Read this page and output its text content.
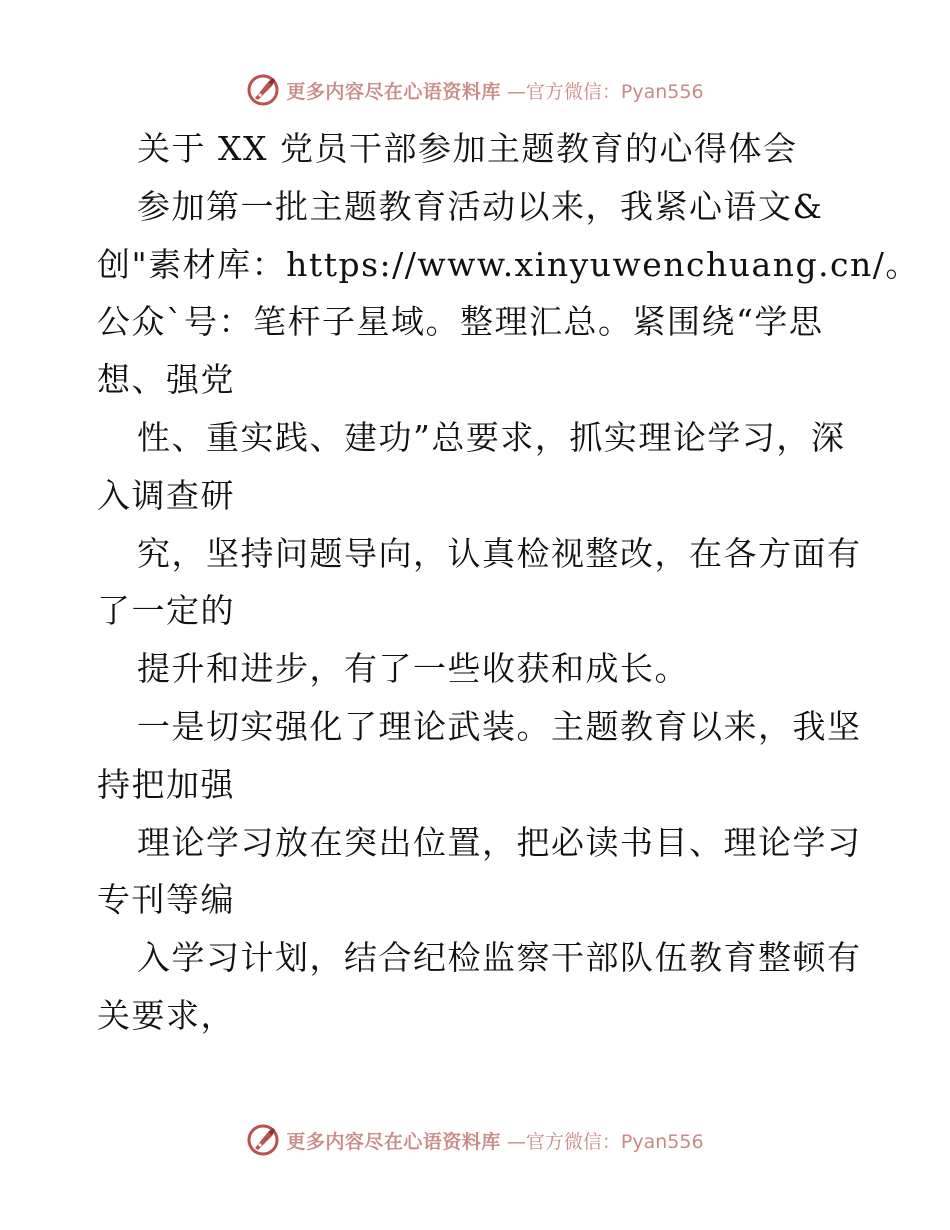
更多内容尽在心语资料库 —官方微信：Pyan556
关于 XX 党员干部参加主题教育的心得体会
参加第一批主题教育活动以来，我紧心语文&
创"素材库：https://www.xinyuwenchuang.cn/。
公众`号：笔杆子星域。整理汇总。紧围绕“学思
想、强党
性、重实践、建功”总要求，抓实理论学习，深
入调查研
究，坚持问题导向，认真检视整改，在各方面有
了一定的
提升和进步，有了一些收获和成长。
一是切实强化了理论武装。主题教育以来，我坚
持把加强
理论学习放在突出位置，把必读书目、理论学习
专刊等编
入学习计划，结合纪检监察干部队伍教育整顿有
关要求，
更多内容尽在心语资料库 —官方微信：Pyan556
